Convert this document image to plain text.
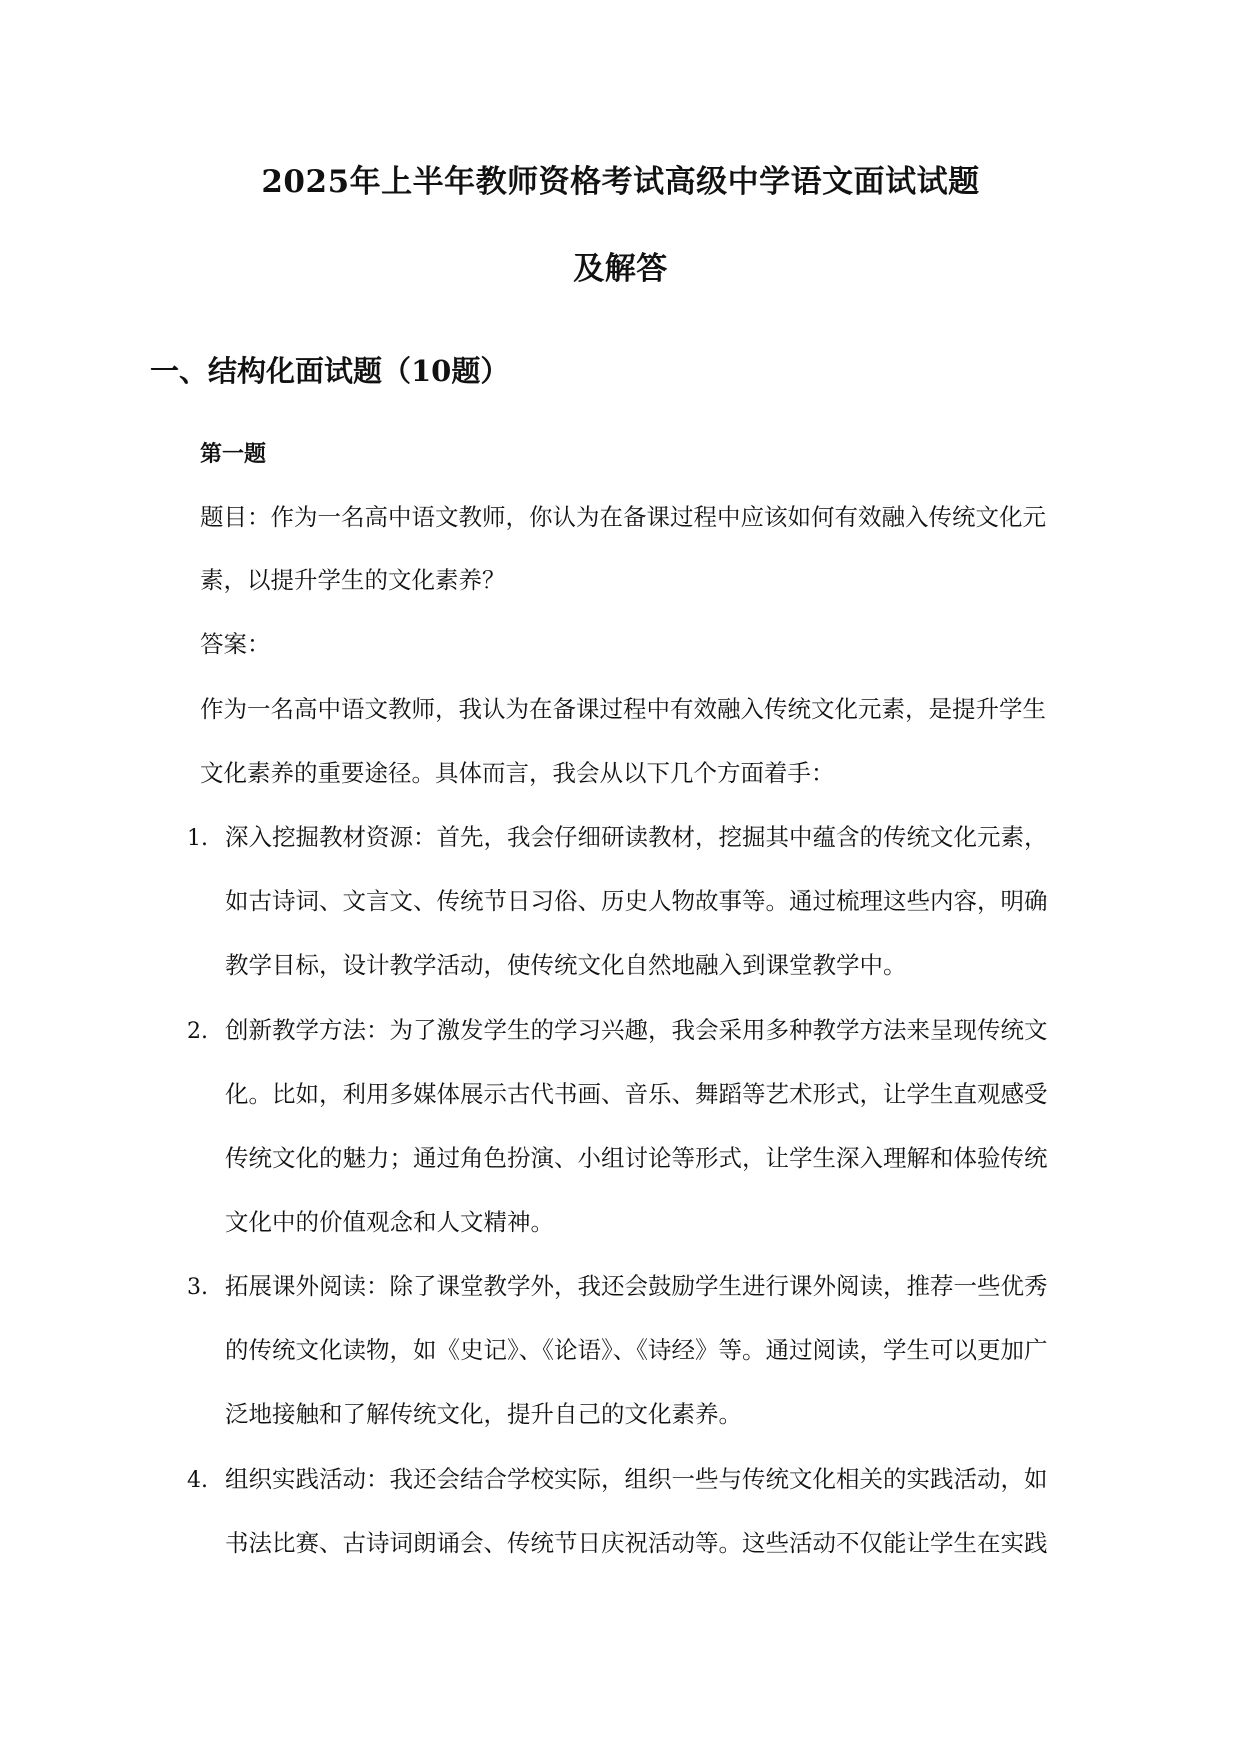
2025年上半年教师资格考试高级中学语文面试试题
及解答
一、结构化面试题（10题）
第一题
题目：作为一名高中语文教师，你认为在备课过程中应该如何有效融入传统文化元
素，以提升学生的文化素养？
答案：
作为一名高中语文教师，我认为在备课过程中有效融入传统文化元素，是提升学生
文化素养的重要途径。具体而言，我会从以下几个方面着手：
1. 深入挖掘教材资源：首先，我会仔细研读教材，挖掘其中蕴含的传统文化元素，
如古诗词、文言文、传统节日习俗、历史人物故事等。通过梳理这些内容，明确
教学目标，设计教学活动，使传统文化自然地融入到课堂教学中。
2. 创新教学方法：为了激发学生的学习兴趣，我会采用多种教学方法来呈现传统文
化。比如，利用多媒体展示古代书画、音乐、舞蹈等艺术形式，让学生直观感受
传统文化的魅力；通过角色扮演、小组讨论等形式，让学生深入理解和体验传统
文化中的价值观念和人文精神。
3. 拓展课外阅读：除了课堂教学外，我还会鼓励学生进行课外阅读，推荐一些优秀
的传统文化读物，如《史记》、《论语》、《诗经》等。通过阅读，学生可以更加广
泛地接触和了解传统文化，提升自己的文化素养。
4. 组织实践活动：我还会结合学校实际，组织一些与传统文化相关的实践活动，如
书法比赛、古诗词朗诵会、传统节日庆祝活动等。这些活动不仅能让学生在实践
